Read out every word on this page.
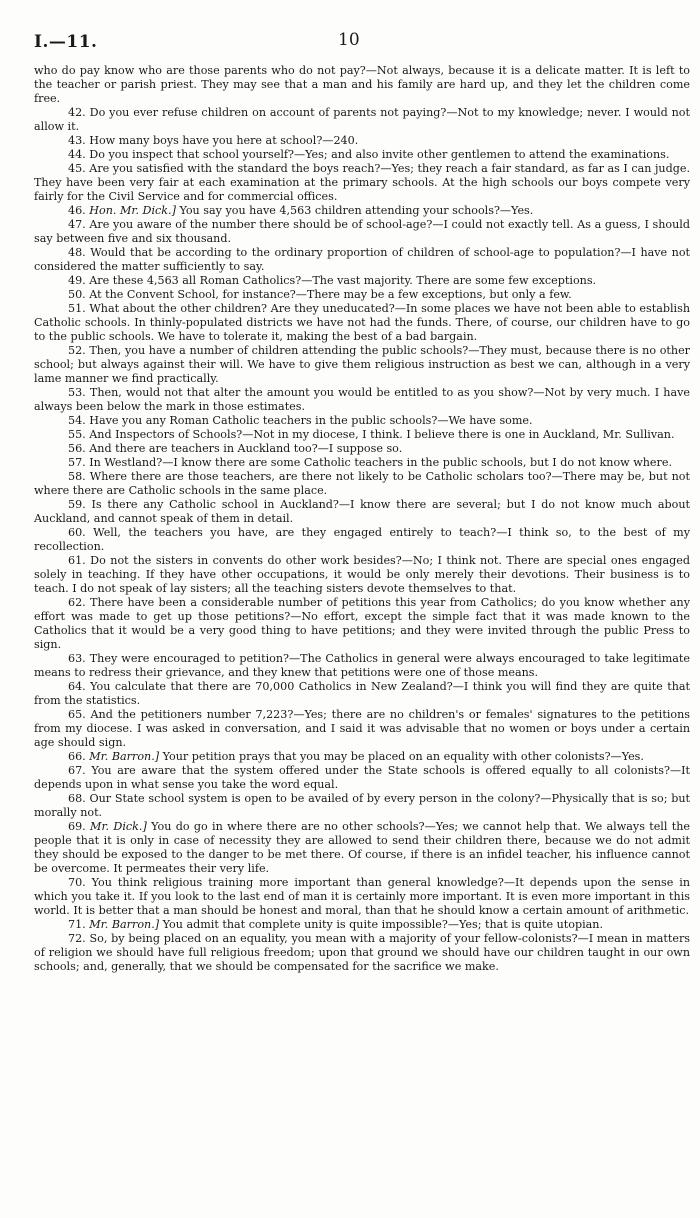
I.—11.	10

who do pay know who are those parents who do not pay?—Not always, because it is a delicate matter. It is left to the teacher or parish priest. They may see that a man and his family are hard up, and they let the children come free.

42. Do you ever refuse children on account of parents not paying?—Not to my knowledge; never. I would not allow it.

43. How many boys have you here at school?—240.

44. Do you inspect that school yourself?—Yes; and also invite other gentlemen to attend the examinations.

45. Are you satisfied with the standard the boys reach?—Yes; they reach a fair standard, as far as I can judge. They have been very fair at each examination at the primary schools. At the high schools our boys compete very fairly for the Civil Service and for commercial offices.

46. Hon. Mr. Dick.] You say you have 4,563 children attending your schools?—Yes.

47. Are you aware of the number there should be of school-age?—I could not exactly tell. As a guess, I should say between five and six thousand.

48. Would that be according to the ordinary proportion of children of school-age to population?—I have not considered the matter sufficiently to say.

49. Are these 4,563 all Roman Catholics?—The vast majority. There are some few exceptions.

50. At the Convent School, for instance?—There may be a few exceptions, but only a few.

51. What about the other children? Are they uneducated?—In some places we have not been able to establish Catholic schools. In thinly-populated districts we have not had the funds. There, of course, our children have to go to the public schools. We have to tolerate it, making the best of a bad bargain.

52. Then, you have a number of children attending the public schools?—They must, because there is no other school; but always against their will. We have to give them religious instruction as best we can, although in a very lame manner we find practically.

53. Then, would not that alter the amount you would be entitled to as you show?—Not by very much. I have always been below the mark in those estimates.

54. Have you any Roman Catholic teachers in the public schools?—We have some.

55. And Inspectors of Schools?—Not in my diocese, I think. I believe there is one in Auckland, Mr. Sullivan.

56. And there are teachers in Auckland too?—I suppose so.

57. In Westland?—I know there are some Catholic teachers in the public schools, but I do not know where.

58. Where there are those teachers, are there not likely to be Catholic scholars too?—There may be, but not where there are Catholic schools in the same place.

59. Is there any Catholic school in Auckland?—I know there are several; but I do not know much about Auckland, and cannot speak of them in detail.

60. Well, the teachers you have, are they engaged entirely to teach?—I think so, to the best of my recollection.

61. Do not the sisters in convents do other work besides?—No; I think not. There are special ones engaged solely in teaching. If they have other occupations, it would be only merely their devotions. Their business is to teach. I do not speak of lay sisters; all the teaching sisters devote themselves to that.

62. There have been a considerable number of petitions this year from Catholics; do you know whether any effort was made to get up those petitions?—No effort, except the simple fact that it was made known to the Catholics that it would be a very good thing to have petitions; and they were invited through the public Press to sign.

63. They were encouraged to petition?—The Catholics in general were always encouraged to take legitimate means to redress their grievance, and they knew that petitions were one of those means.

64. You calculate that there are 70,000 Catholics in New Zealand?—I think you will find they are quite that from the statistics.

65. And the petitioners number 7,223?—Yes; there are no children's or females' signatures to the petitions from my diocese. I was asked in conversation, and I said it was advisable that no women or boys under a certain age should sign.

66. Mr. Barron.] Your petition prays that you may be placed on an equality with other colonists?—Yes.

67. You are aware that the system offered under the State schools is offered equally to all colonists?—It depends upon in what sense you take the word equal.

68. Our State school system is open to be availed of by every person in the colony?—Physically that is so; but morally not.

69. Mr. Dick.] You do go in where there are no other schools?—Yes; we cannot help that. We always tell the people that it is only in case of necessity they are allowed to send their children there, because we do not admit they should be exposed to the danger to be met there. Of course, if there is an infidel teacher, his influence cannot be overcome. It permeates their very life.

70. You think religious training more important than general knowledge?—It depends upon the sense in which you take it. If you look to the last end of man it is certainly more important. It is even more important in this world. It is better that a man should be honest and moral, than that he should know a certain amount of arithmetic.

71. Mr. Barron.] You admit that complete unity is quite impossible?—Yes; that is quite utopian.

72. So, by being placed on an equality, you mean with a majority of your fellow-colonists?—I mean in matters of religion we should have full religious freedom; upon that ground we should have our children taught in our own schools; and, generally, that we should be compensated for the sacrifice we make.
